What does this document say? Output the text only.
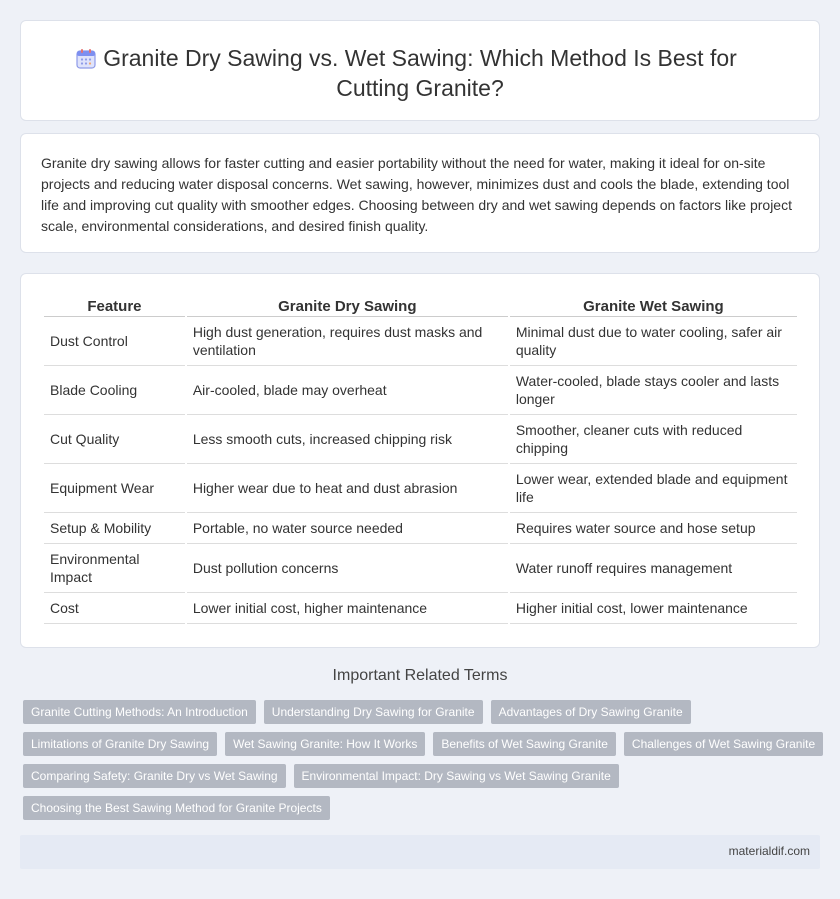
Granite Dry Sawing vs. Wet Sawing: Which Method Is Best for Cutting Granite?

Granite dry sawing allows for faster cutting and easier portability without the need for water, making it ideal for on-site projects and reducing water disposal concerns. Wet sawing, however, minimizes dust and cools the blade, extending tool life and improving cut quality with smoother edges. Choosing between dry and wet sawing depends on factors like project scale, environmental considerations, and desired finish quality.

Feature	Granite Dry Sawing	Granite Wet Sawing
Dust Control	High dust generation, requires dust masks and ventilation	Minimal dust due to water cooling, safer air quality
Blade Cooling	Air-cooled, blade may overheat	Water-cooled, blade stays cooler and lasts longer
Cut Quality	Less smooth cuts, increased chipping risk	Smoother, cleaner cuts with reduced chipping
Equipment Wear	Higher wear due to heat and dust abrasion	Lower wear, extended blade and equipment life
Setup & Mobility	Portable, no water source needed	Requires water source and hose setup
Environmental Impact	Dust pollution concerns	Water runoff requires management
Cost	Lower initial cost, higher maintenance	Higher initial cost, lower maintenance
Important Related Terms
Granite Cutting Methods: An Introduction	Understanding Dry Sawing for Granite	Advantages of Dry Sawing Granite
Limitations of Granite Dry Sawing	Wet Sawing Granite: How It Works	Benefits of Wet Sawing Granite	Challenges of Wet Sawing Granite
Comparing Safety: Granite Dry vs Wet Sawing	Environmental Impact: Dry Sawing vs Wet Sawing Granite
Choosing the Best Sawing Method for Granite Projects
materialdif.com
